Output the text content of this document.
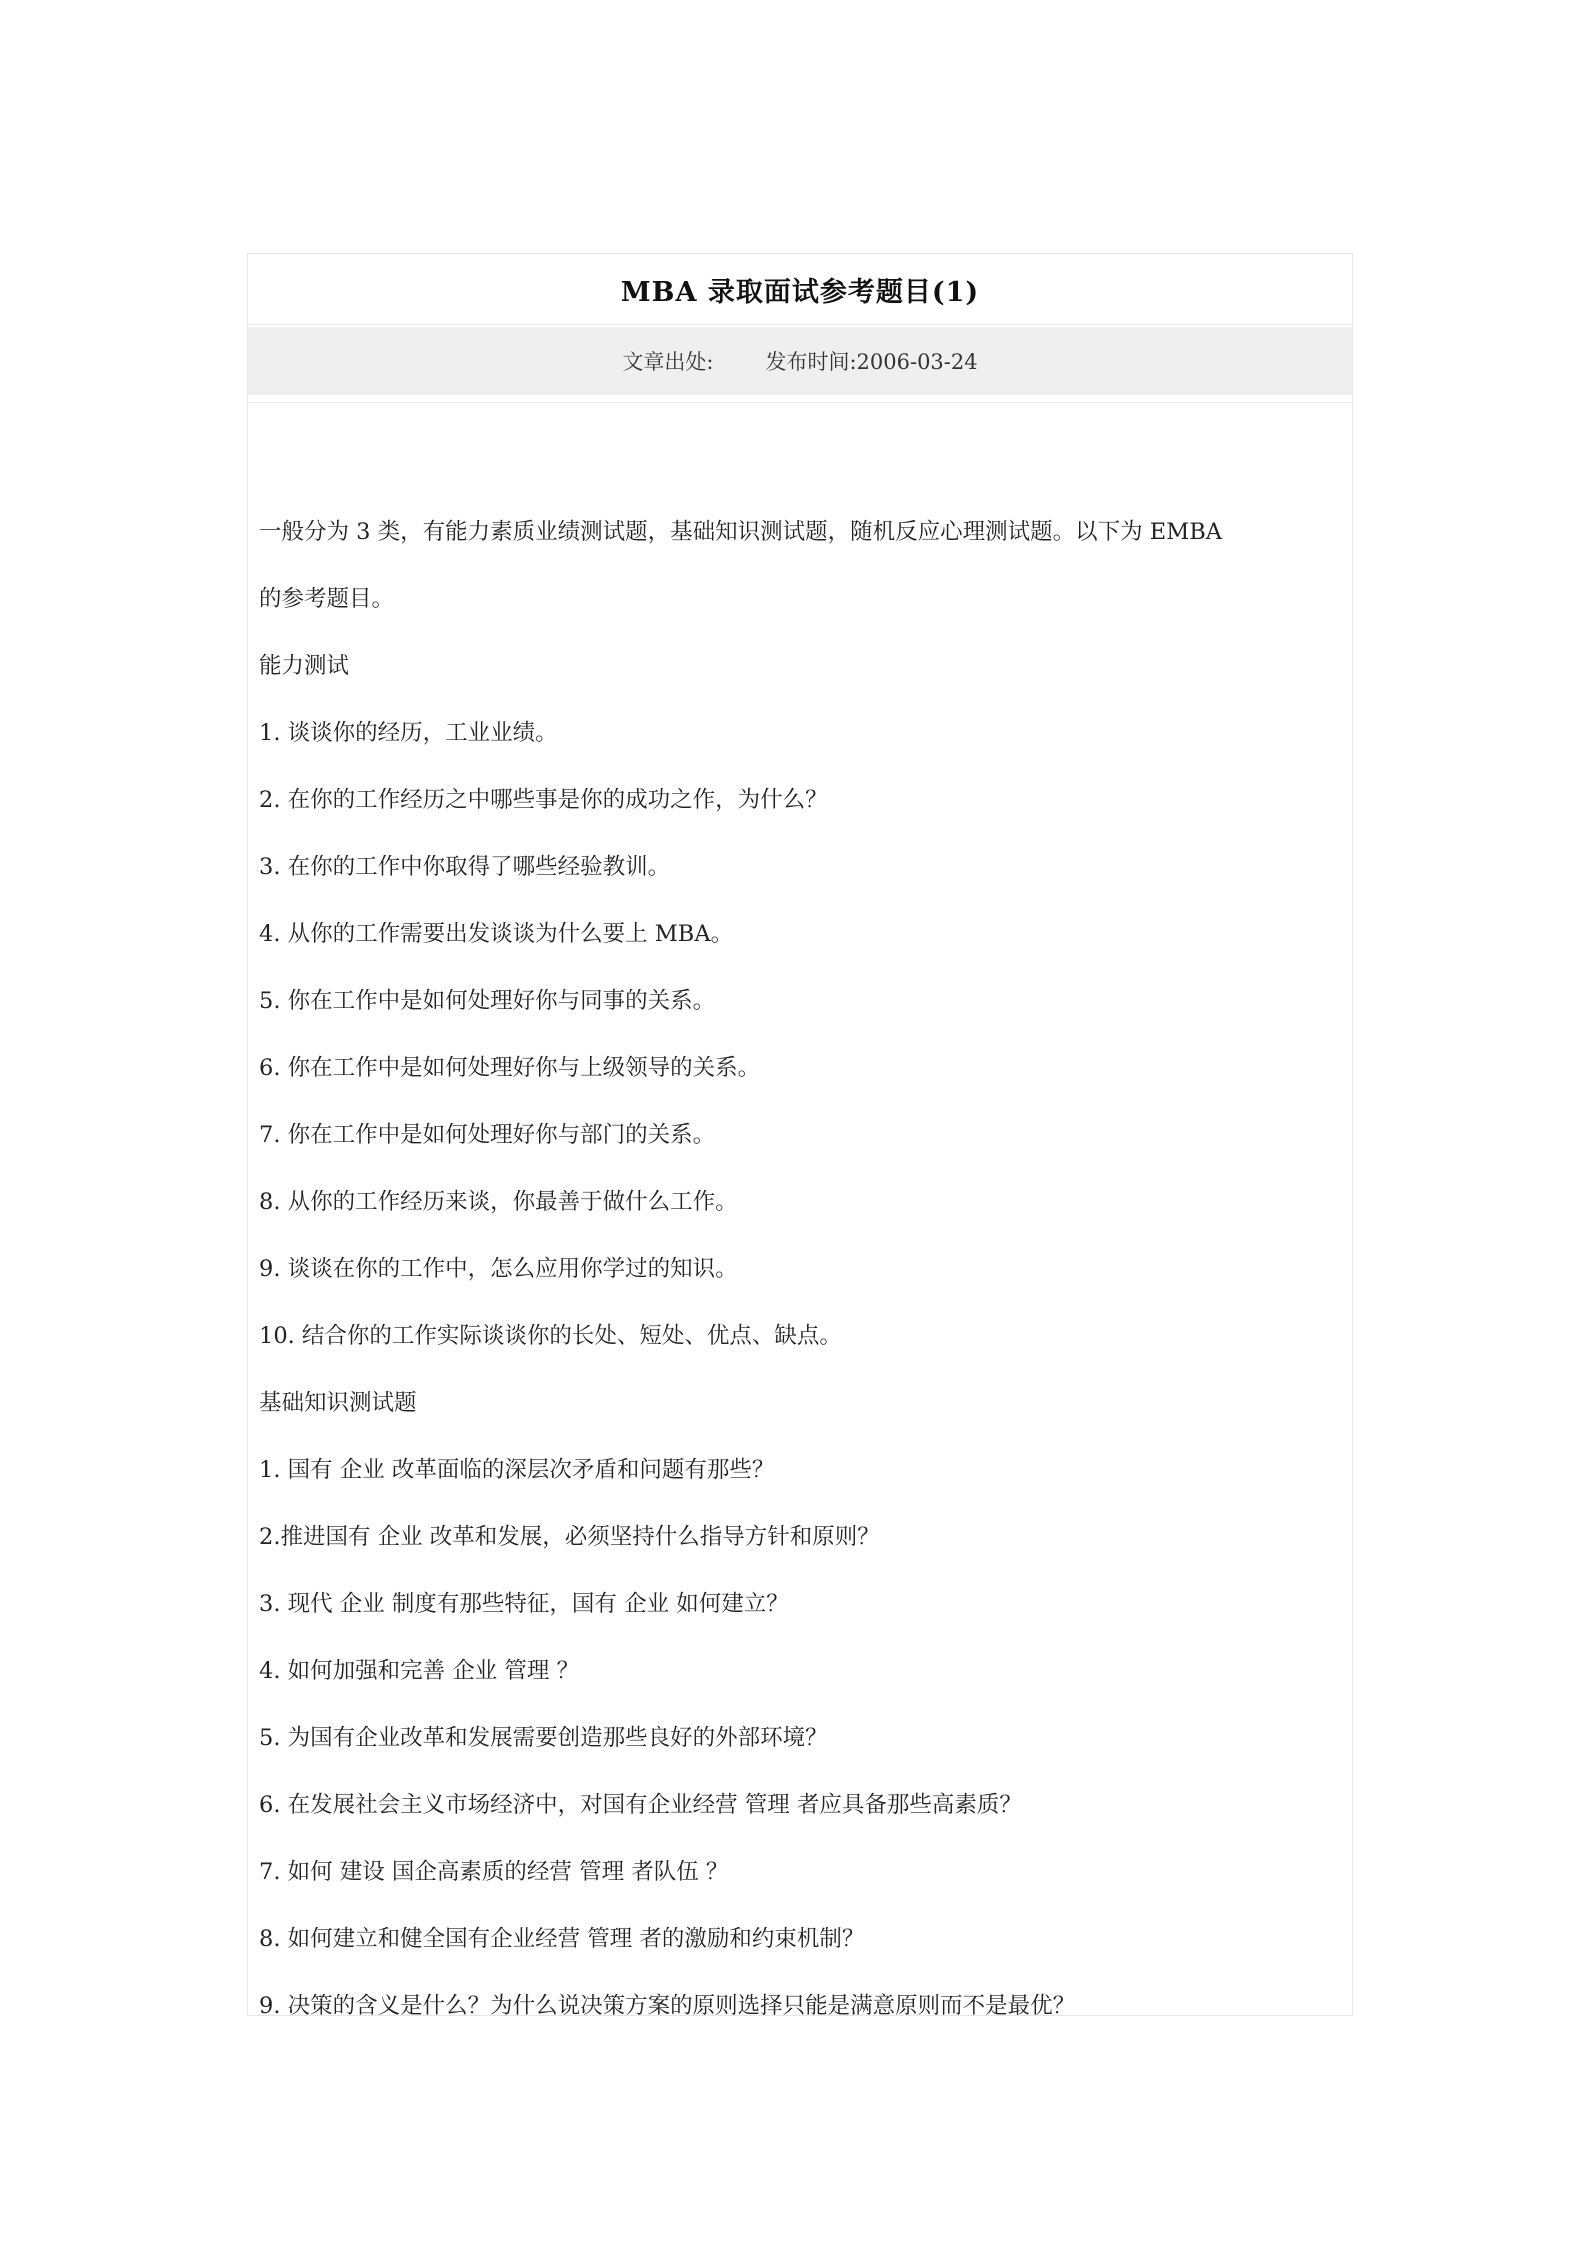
MBA 录取面试参考题目(1)
文章出处: 发布时间:2006-03-24
一般分为 3 类，有能力素质业绩测试题，基础知识测试题，随机反应心理测试题。以下为 EMBA
的参考题目。
能力测试
1. 谈谈你的经历，工业业绩。
2. 在你的工作经历之中哪些事是你的成功之作，为什么？
3. 在你的工作中你取得了哪些经验教训。
4. 从你的工作需要出发谈谈为什么要上 MBA。
5. 你在工作中是如何处理好你与同事的关系。
6. 你在工作中是如何处理好你与上级领导的关系。
7. 你在工作中是如何处理好你与部门的关系。
8. 从你的工作经历来谈，你最善于做什么工作。
9. 谈谈在你的工作中，怎么应用你学过的知识。
10. 结合你的工作实际谈谈你的长处、短处、优点、缺点。
基础知识测试题
1. 国有 企业 改革面临的深层次矛盾和问题有那些？
2.推进国有 企业 改革和发展，必须坚持什么指导方针和原则？
3. 现代 企业 制度有那些特征，国有 企业 如何建立？
4. 如何加强和完善 企业 管理 ？
5. 为国有企业改革和发展需要创造那些良好的外部环境？
6. 在发展社会主义市场经济中，对国有企业经营 管理 者应具备那些高素质？
7. 如何 建设 国企高素质的经营 管理 者队伍 ？
8. 如何建立和健全国有企业经营 管理 者的激励和约束机制？
9. 决策的含义是什么？为什么说决策方案的原则选择只能是满意原则而不是最优？
